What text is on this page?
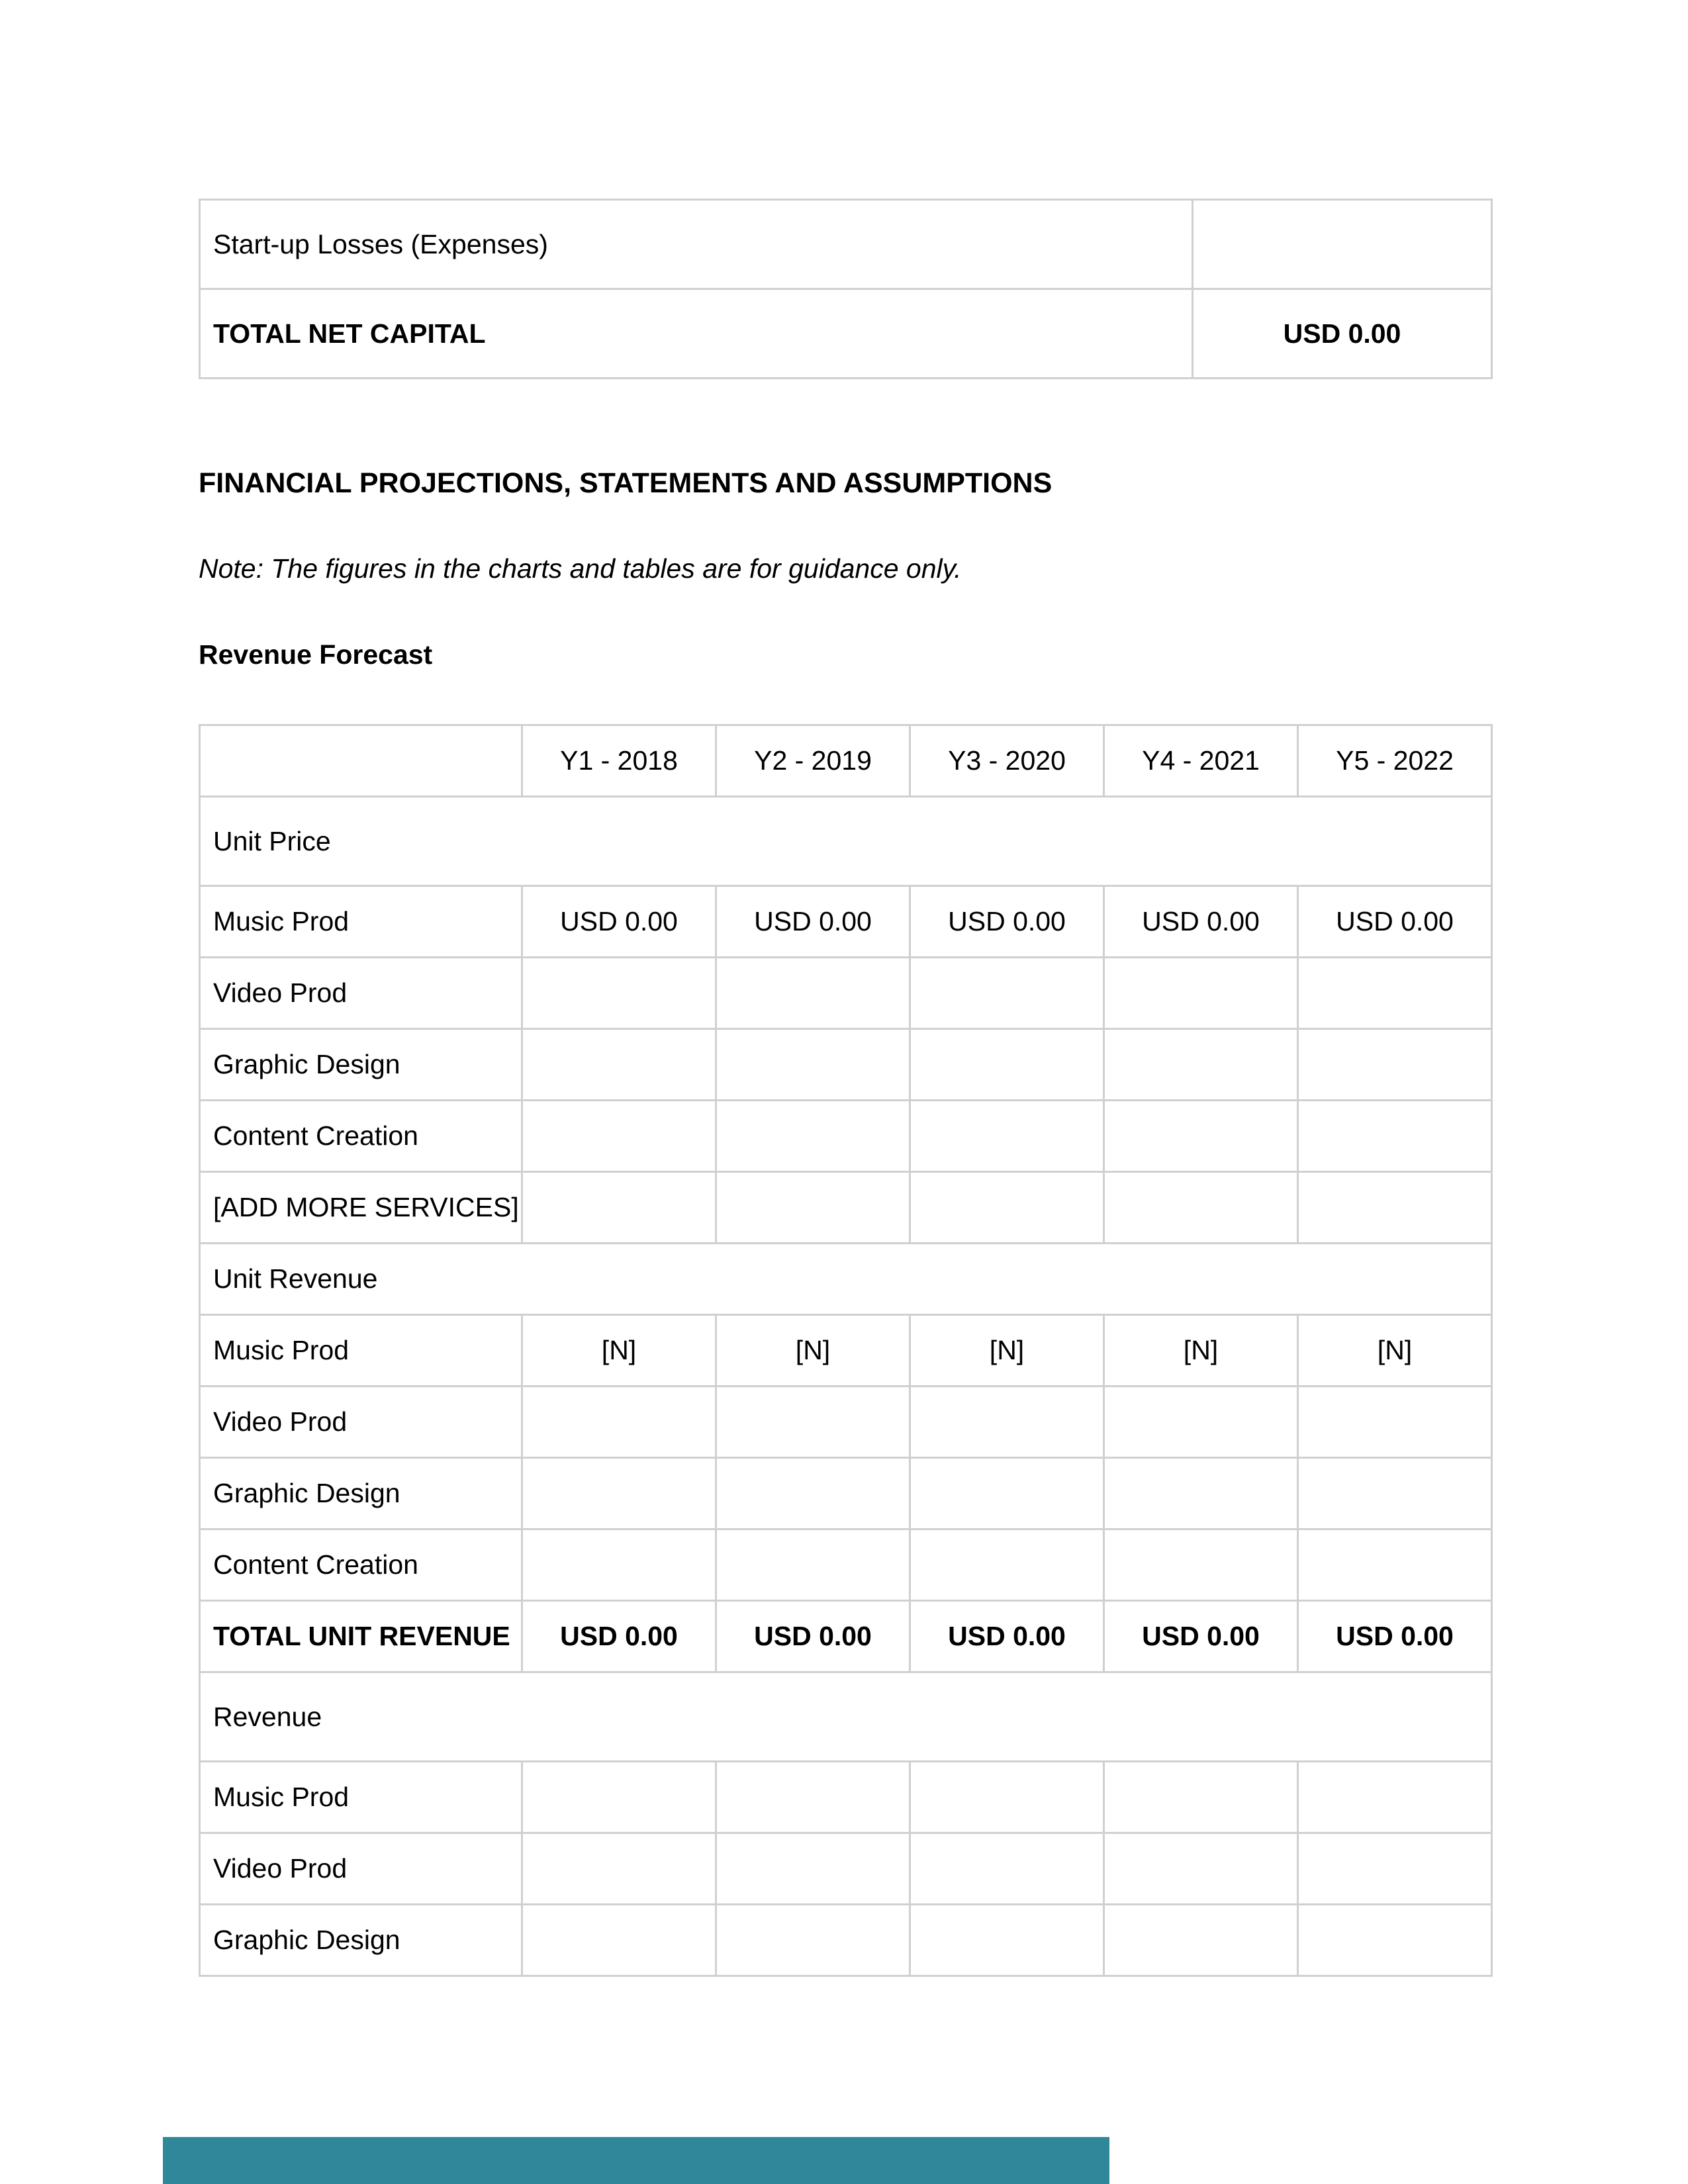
Start-up Losses (Expenses)	
TOTAL NET CAPITAL	USD 0.00
FINANCIAL PROJECTIONS, STATEMENTS AND ASSUMPTIONS
Note: The figures in the charts and tables are for guidance only.
Revenue Forecast
	Y1 - 2018	Y2 - 2019	Y3 - 2020	Y4 - 2021	Y5 - 2022
Unit Price					
Music Prod	USD 0.00	USD 0.00	USD 0.00	USD 0.00	USD 0.00
Video Prod					
Graphic Design					
Content Creation					
[ADD MORE SERVICES]					
Unit Revenue					
Music Prod	[N]	[N]	[N]	[N]	[N]
Video Prod					
Graphic Design					
Content Creation					
TOTAL UNIT REVENUE	USD 0.00	USD 0.00	USD 0.00	USD 0.00	USD 0.00
Revenue					
Music Prod					
Video Prod					
Graphic Design					
